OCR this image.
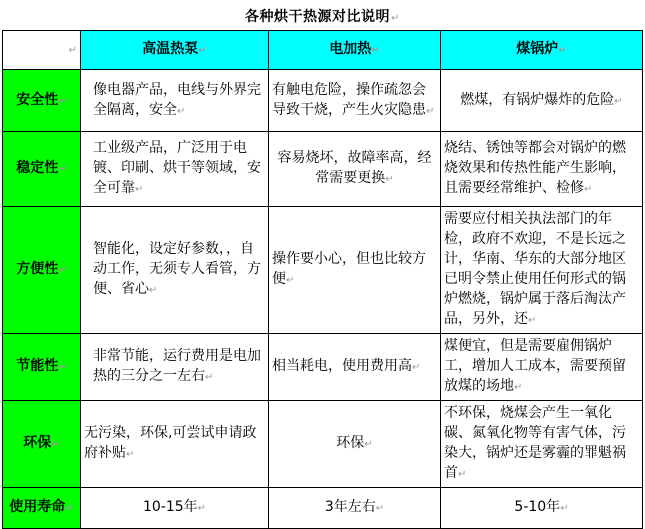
各种烘干热源对比说明↵
↵	高温热泵↵	电加热↵	煤锅炉↵
安全性↵	像电器产品，电线与外界完全隔离，安全↵	有触电危险，操作疏忽会导致干烧，产生火灾隐患↵	燃煤，有锅炉爆炸的危险↵
稳定性↵	工业级产品，广泛用于电镀、印刷、烘干等领域，安全可靠↵	容易烧坏，故障率高，经常需要更换↵	烧结、锈蚀等都会对锅炉的燃烧效果和传热性能产生影响，且需要经常维护、检修↵
方便性↵	智能化，设定好参数，，自动工作，无须专人看管，方便、省心↵	操作要小心，但也比较方便↵	需要应付相关执法部门的年检，政府不欢迎，不是长远之计，华南、华东的大部分地区已明令禁止使用任何形式的锅炉燃烧，锅炉属于落后淘汰产品，另外，还↵
节能性↵	非常节能，运行费用是电加热的三分之一左右↵	相当耗电，使用费用高↵	煤便宜，但是需要雇佣锅炉工，增加人工成本，需要预留放煤的场地↵
环保↵	无污染，环保,可尝试申请政府补贴↵	环保↵	不环保，烧煤会产生一氧化碳、氮氧化物等有害气体，污染大，锅炉还是雾霾的罪魁祸首↵
使用寿命↵	10-15年↵	3年左右↵	5-10年↵
